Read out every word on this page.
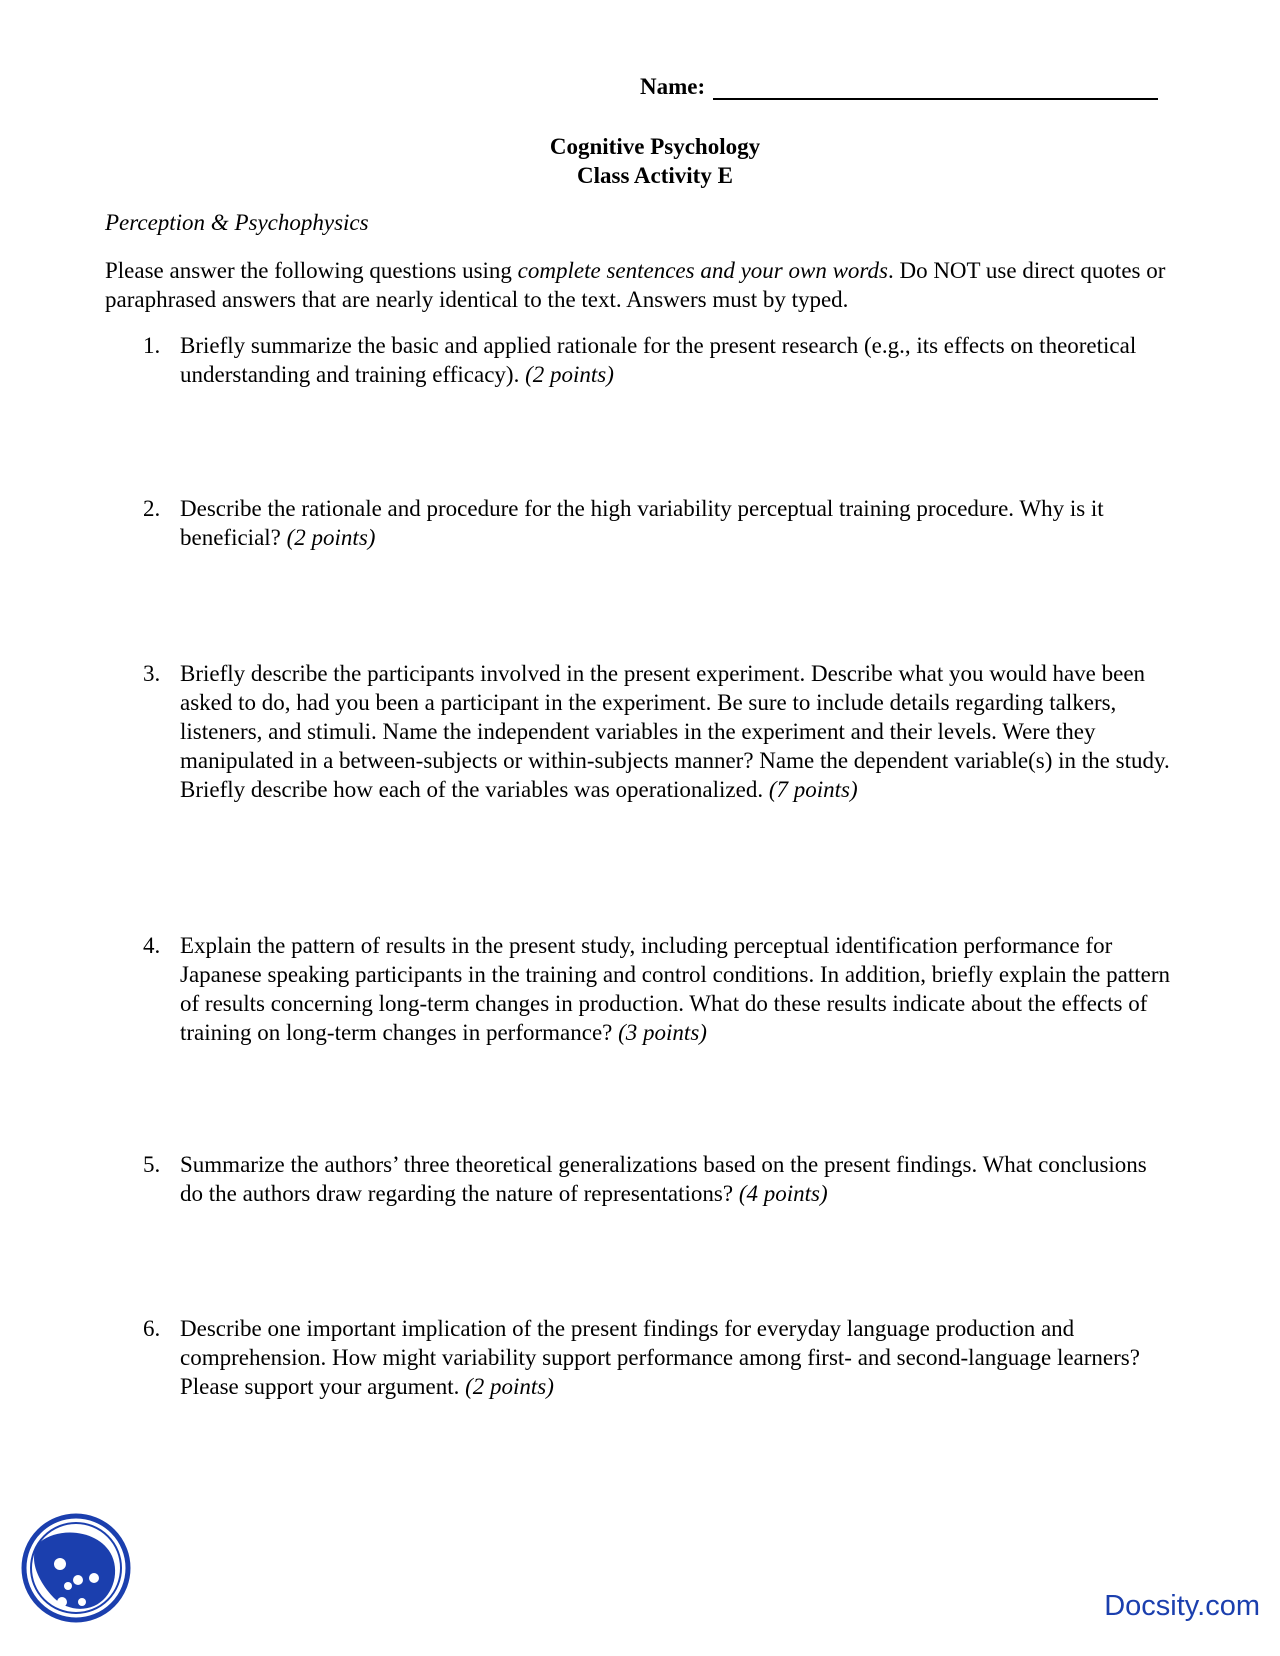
Name:
Cognitive Psychology
Class Activity E
Perception & Psychophysics
Please answer the following questions using complete sentences and your own words. Do NOT use direct quotes or paraphrased answers that are nearly identical to the text. Answers must by typed.
1. Briefly summarize the basic and applied rationale for the present research (e.g., its effects on theoretical understanding and training efficacy). (2 points)
2. Describe the rationale and procedure for the high variability perceptual training procedure. Why is it beneficial? (2 points)
3. Briefly describe the participants involved in the present experiment. Describe what you would have been asked to do, had you been a participant in the experiment. Be sure to include details regarding talkers, listeners, and stimuli. Name the independent variables in the experiment and their levels. Were they manipulated in a between-subjects or within-subjects manner? Name the dependent variable(s) in the study. Briefly describe how each of the variables was operationalized. (7 points)
4. Explain the pattern of results in the present study, including perceptual identification performance for Japanese speaking participants in the training and control conditions. In addition, briefly explain the pattern of results concerning long-term changes in production. What do these results indicate about the effects of training on long-term changes in performance? (3 points)
5. Summarize the authors’ three theoretical generalizations based on the present findings. What conclusions do the authors draw regarding the nature of representations? (4 points)
6. Describe one important implication of the present findings for everyday language production and comprehension. How might variability support performance among first- and second-language learners? Please support your argument. (2 points)
Docsity.com
